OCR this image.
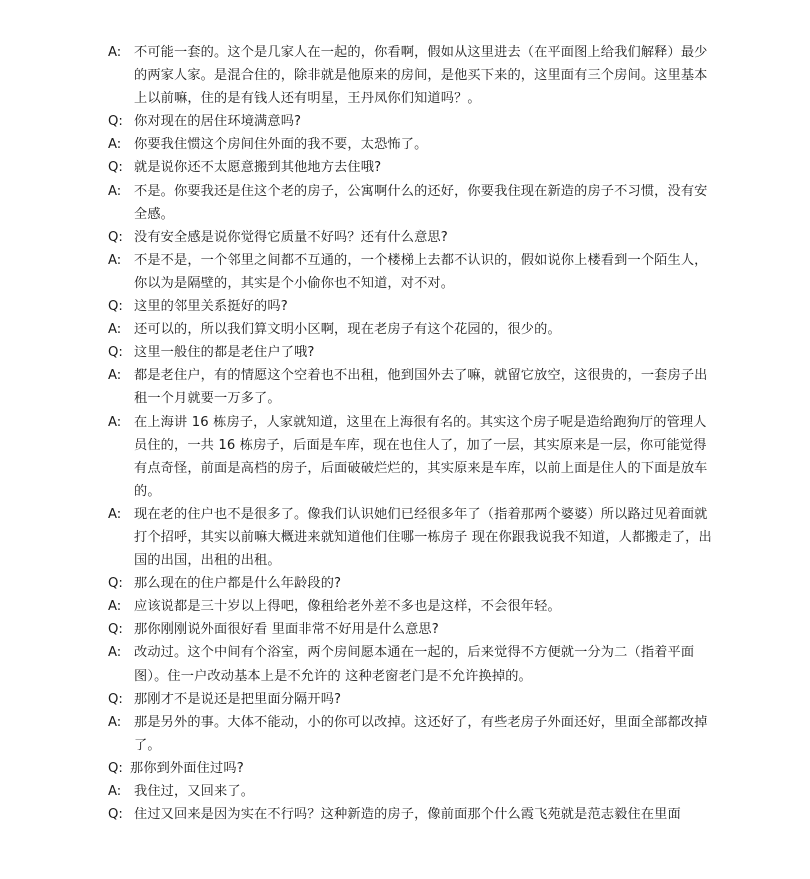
A: 不可能一套的。这个是几家人在一起的，你看啊，假如从这里进去（在平面图上给我们解释）最少的两家人家。是混合住的，除非就是他原来的房间，是他买下来的，这里面有三个房间。这里基本上以前嘛，住的是有钱人还有明星，王丹凤你们知道吗？。
Q: 你对现在的居住环境满意吗?
A: 你要我住惯这个房间住外面的我不要，太恐怖了。
Q: 就是说你还不太愿意搬到其他地方去住哦?
A: 不是。你要我还是住这个老的房子，公寓啊什么的还好，你要我住现在新造的房子不习惯，没有安全感。
Q: 没有安全感是说你觉得它质量不好吗？还有什么意思?
A: 不是不是，一个邻里之间都不互通的，一个楼梯上去都不认识的，假如说你上楼看到一个陌生人，你以为是隔壁的，其实是个小偷你也不知道，对不对。
Q: 这里的邻里关系挺好的吗?
A: 还可以的，所以我们算文明小区啊，现在老房子有这个花园的，很少的。
Q: 这里一般住的都是老住户了哦?
A: 都是老住户，有的情愿这个空着也不出租，他到国外去了嘛，就留它放空，这很贵的，一套房子出租一个月就要一万多了。
A: 在上海讲 16 栋房子，人家就知道，这里在上海很有名的。其实这个房子呢是造给跑狗厅的管理人员住的，一共 16 栋房子，后面是车库，现在也住人了，加了一层，其实原来是一层，你可能觉得有点奇怪，前面是高档的房子，后面破破烂烂的，其实原来是车库，以前上面是住人的下面是放车的。
A: 现在老的住户也不是很多了。像我们认识她们已经很多年了（指着那两个婆婆）所以路过见着面就打个招呼，其实以前嘛大概进来就知道他们住哪一栋房子 现在你跟我说我不知道，人都搬走了，出国的出国，出租的出租。
Q: 那么现在的住户都是什么年龄段的?
A: 应该说都是三十岁以上得吧，像租给老外差不多也是这样，不会很年轻。
Q: 那你刚刚说外面很好看 里面非常不好用是什么意思?
A: 改动过。这个中间有个浴室，两个房间愿本通在一起的，后来觉得不方便就一分为二（指着平面图）。住一户改动基本上是不允许的 这种老窗老门是不允许换掉的。
Q: 那刚才不是说还是把里面分隔开吗?
A: 那是另外的事。大体不能动，小的你可以改掉。这还好了，有些老房子外面还好，里面全部都改掉了。
Q: 那你到外面住过吗?
A: 我住过，又回来了。
Q: 住过又回来是因为实在不行吗？这种新造的房子，像前面那个什么霞飞苑就是范志毅住在里面
